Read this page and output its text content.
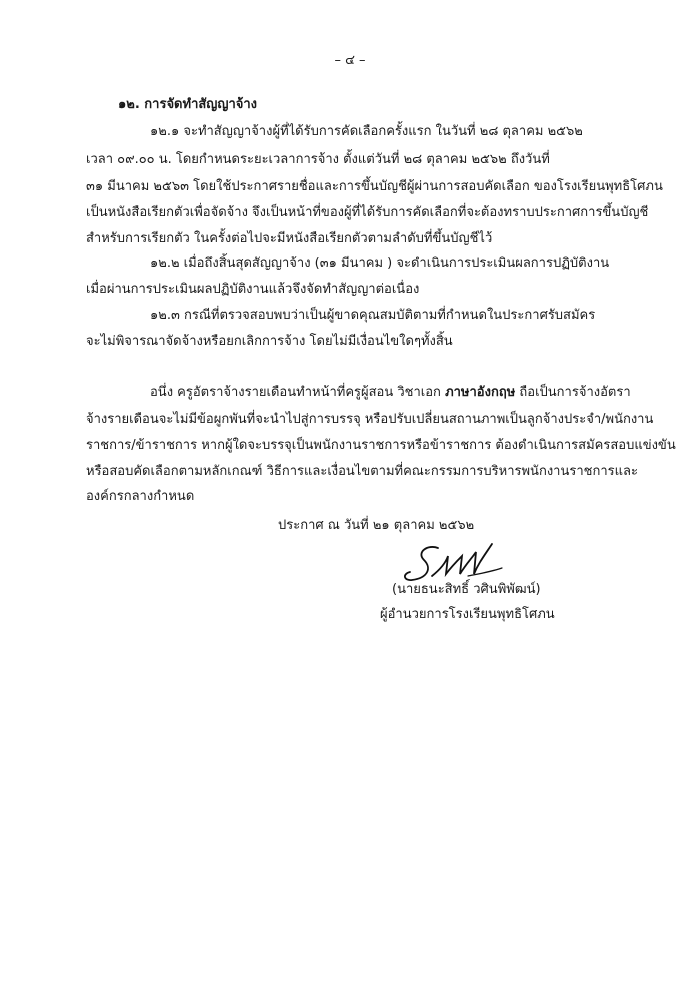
– ๔ –
๑๒. การจัดทำสัญญาจ้าง
๑๒.๑ จะทำสัญญาจ้างผู้ที่ได้รับการคัดเลือกครั้งแรก ในวันที่ ๒๘ ตุลาคม ๒๕๖๒
เวลา ๐๙.๐๐ น. โดยกำหนดระยะเวลาการจ้าง ตั้งแต่วันที่ ๒๘ ตุลาคม ๒๕๖๒ ถึงวันที่
๓๑ มีนาคม ๒๕๖๓ โดยใช้ประกาศรายชื่อและการขึ้นบัญชีผู้ผ่านการสอบคัดเลือก ของโรงเรียนพุทธิโศภน
เป็นหนังสือเรียกตัวเพื่อจัดจ้าง จึงเป็นหน้าที่ของผู้ที่ได้รับการคัดเลือกที่จะต้องทราบประกาศการขึ้นบัญชี
สำหรับการเรียกตัว ในครั้งต่อไปจะมีหนังสือเรียกตัวตามลำดับที่ขึ้นบัญชีไว้
๑๒.๒ เมื่อถึงสิ้นสุดสัญญาจ้าง (๓๑ มีนาคม ) จะดำเนินการประเมินผลการปฏิบัติงาน
เมื่อผ่านการประเมินผลปฏิบัติงานแล้วจึงจัดทำสัญญาต่อเนื่อง
๑๒.๓ กรณีที่ตรวจสอบพบว่าเป็นผู้ขาดคุณสมบัติตามที่กำหนดในประกาศรับสมัคร
จะไม่พิจารณาจัดจ้างหรือยกเลิกการจ้าง โดยไม่มีเงื่อนไขใดๆทั้งสิ้น
อนึ่ง ครูอัตราจ้างรายเดือนทำหน้าที่ครูผู้สอน วิชาเอก ภาษาอังกฤษ ถือเป็นการจ้างอัตรา
จ้างรายเดือนจะไม่มีข้อผูกพันที่จะนำไปสู่การบรรจุ หรือปรับเปลี่ยนสถานภาพเป็นลูกจ้างประจำ/พนักงาน
ราชการ/ข้าราชการ หากผู้ใดจะบรรจุเป็นพนักงานราชการหรือข้าราชการ ต้องดำเนินการสมัครสอบแข่งขัน
หรือสอบคัดเลือกตามหลักเกณฑ์ วิธีการและเงื่อนไขตามที่คณะกรรมการบริหารพนักงานราชการและ
องค์กรกลางกำหนด
ประกาศ ณ วันที่ ๒๑ ตุลาคม ๒๕๖๒
(นายธนะสิทธิ์ วศินพิพัฒน์)
ผู้อำนวยการโรงเรียนพุทธิโศภน
